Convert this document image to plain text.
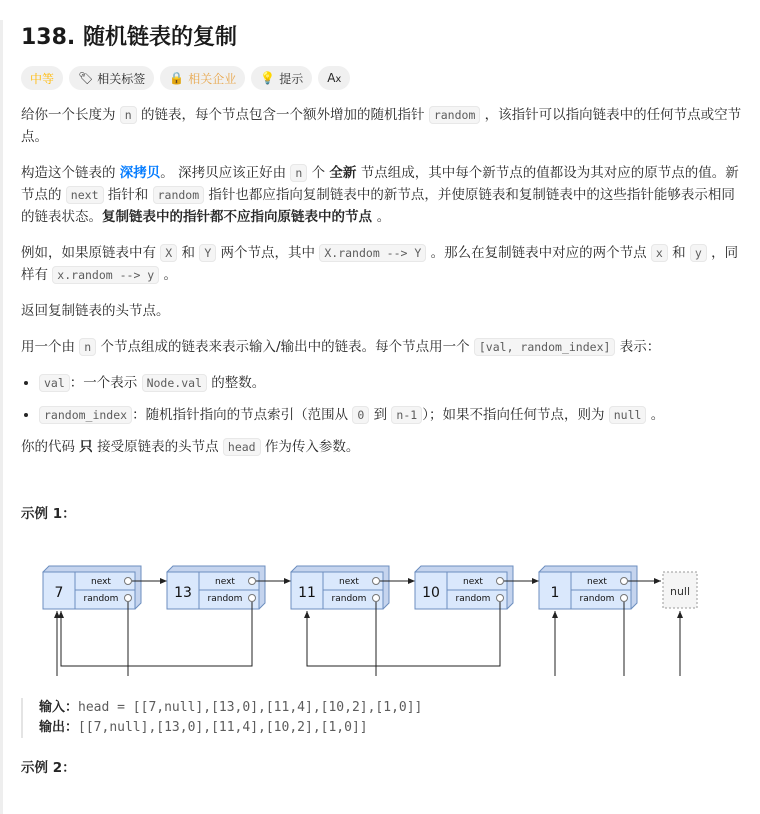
138. 随机链表的复制
中等 🏷 相关标签 🔒 相关企业 💡 提示 Ax

给你一个长度为 n 的链表，每个节点包含一个额外增加的随机指针 random ，该指针可以指向链表中的任何节点或空节点。

构造这个链表的 深拷贝。 深拷贝应该正好由 n 个 全新 节点组成，其中每个新节点的值都设为其对应的原节点的值。新节点的 next 指针和 random 指针也都应指向复制链表中的新节点，并使原链表和复制链表中的这些指针能够表示相同的链表状态。复制链表中的指针都不应指向原链表中的节点 。

例如，如果原链表中有 X 和 Y 两个节点，其中 X.random --> Y 。那么在复制链表中对应的两个节点 x 和 y ，同样有 x.random --> y 。

返回复制链表的头节点。

用一个由 n 个节点组成的链表来表示输入/输出中的链表。每个节点用一个 [val, random_index] 表示：

• val ：一个表示 Node.val 的整数。
• random_index ：随机指针指向的节点索引（范围从 0 到 n-1 ）；如果不指向任何节点，则为 null 。

你的代码 只 接受原链表的头节点 head 作为传入参数。

示例 1：
7
next
random	13
next
random	11
next
random	10
next
random	1
next
random
null
输入：head = [[7,null],[13,0],[11,4],[10,2],[1,0]]
输出：[[7,null],[13,0],[11,4],[10,2],[1,0]]
示例 2：
